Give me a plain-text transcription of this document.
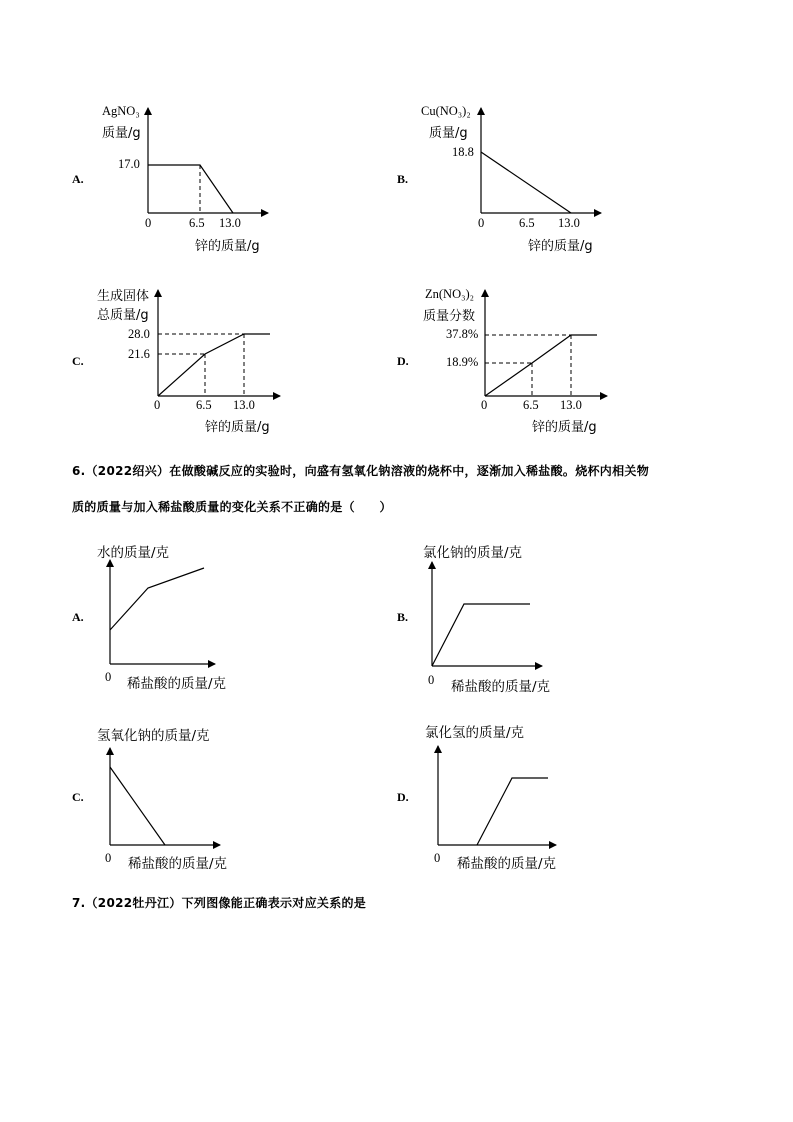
A.
AgNO₃
质量/g
17.0
0	6.5 13.0
锌的质量/g
B.
Cu(NO₃)₂
质量/g
18.8
0	6.5 13.0
锌的质量/g
C.
生成固体
总质量/g
28.0
21.6
0	6.5 13.0
锌的质量/g
D.
Zn(NO₃)₂
质量分数
37.8%
18.9%
0	6.5 13.0
锌的质量/g
6.（2022绍兴）在做酸碱反应的实验时，向盛有氢氧化钠溶液的烧杯中，逐渐加入稀盐酸。烧杯内相关物
质的质量与加入稀盐酸质量的变化关系不正确的是（　　）
A.
水的质量/克
0 稀盐酸的质量/克
B.
氯化钠的质量/克
0 稀盐酸的质量/克
C.
氢氧化钠的质量/克
0 稀盐酸的质量/克
D.
氯化氢的质量/克
0 稀盐酸的质量/克
7.（2022牡丹江）下列图像能正确表示对应关系的是
